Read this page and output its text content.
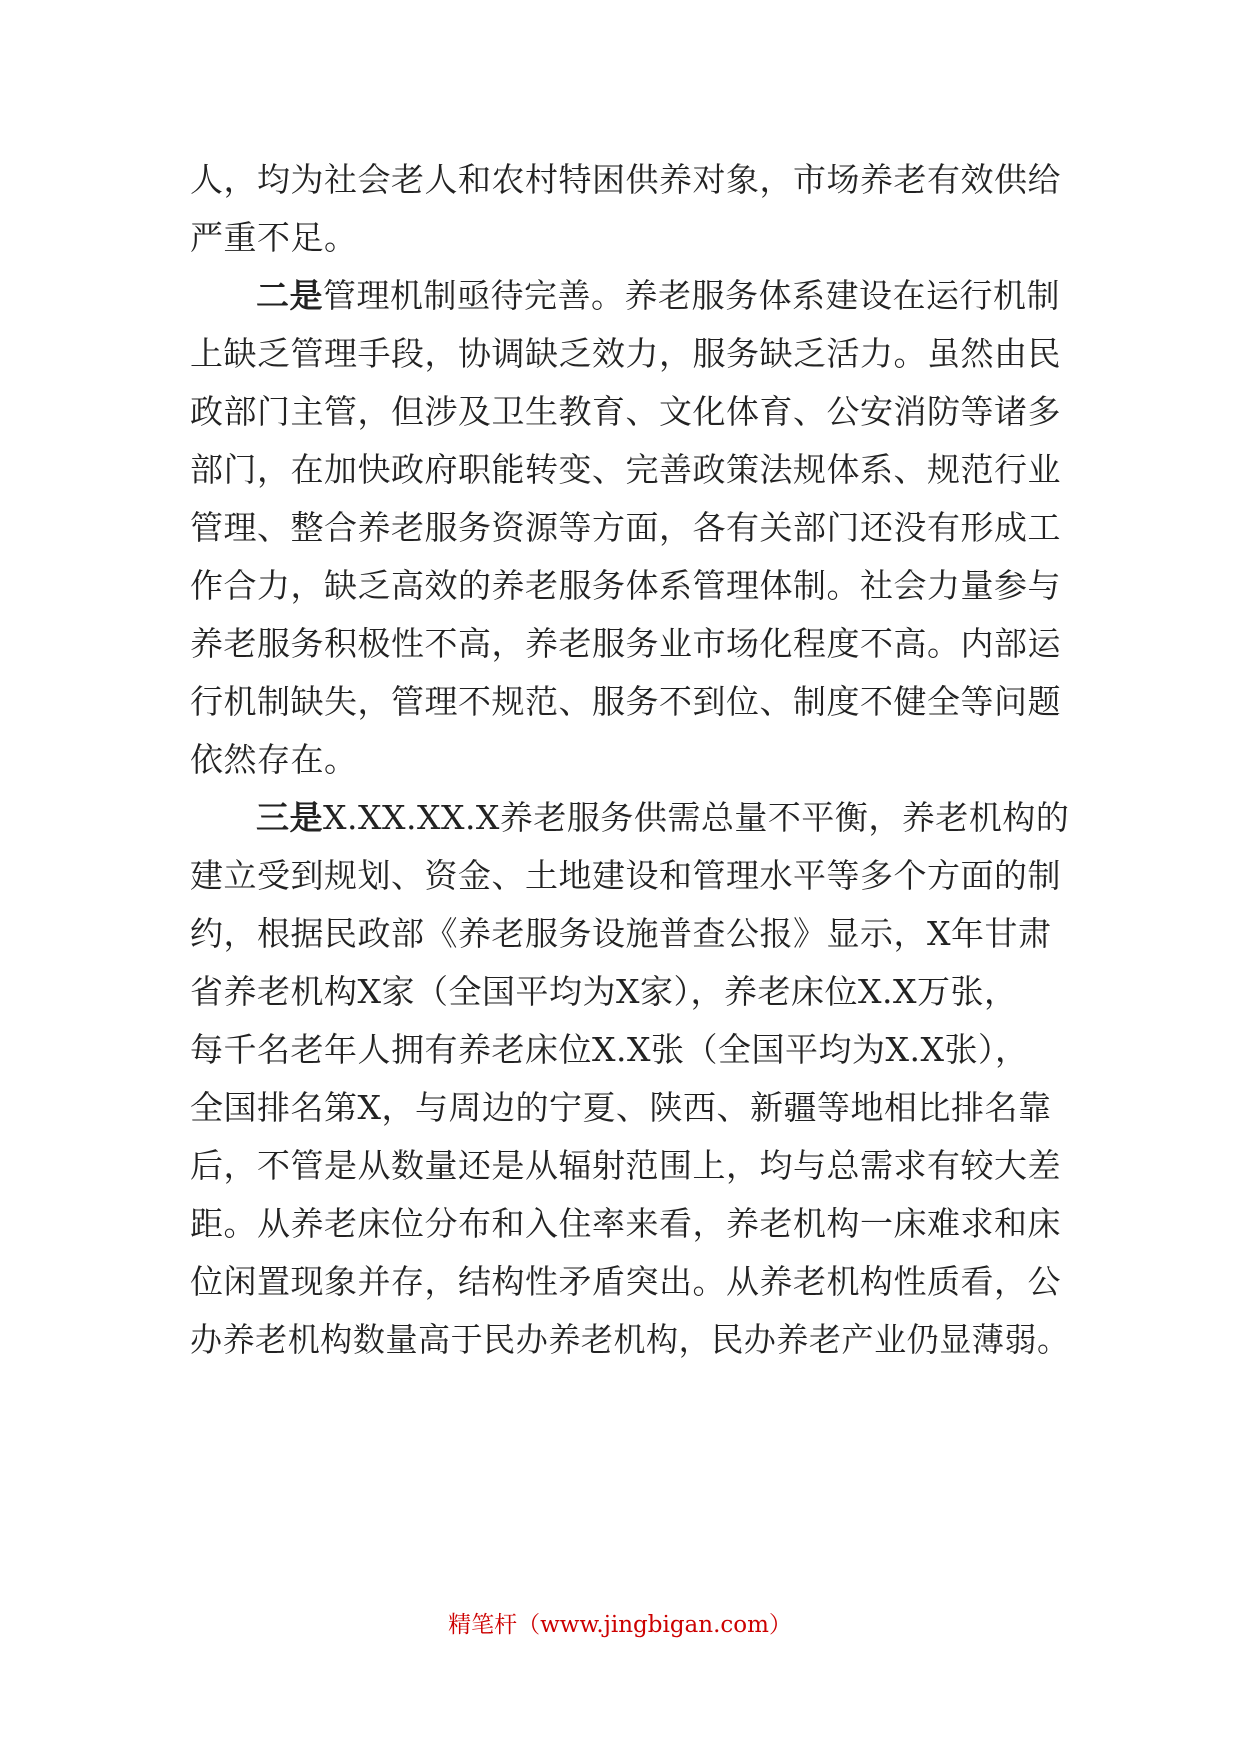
人，均为社会老人和农村特困供养对象，市场养老有效供给
严重不足。
二是管理机制亟待完善。养老服务体系建设在运行机制
上缺乏管理手段，协调缺乏效力，服务缺乏活力。虽然由民
政部门主管，但涉及卫生教育、文化体育、公安消防等诸多
部门，在加快政府职能转变、完善政策法规体系、规范行业
管理、整合养老服务资源等方面，各有关部门还没有形成工
作合力，缺乏高效的养老服务体系管理体制。社会力量参与
养老服务积极性不高，养老服务业市场化程度不高。内部运
行机制缺失，管理不规范、服务不到位、制度不健全等问题
依然存在。
三是X.XX.XX.X养老服务供需总量不平衡，养老机构的
建立受到规划、资金、土地建设和管理水平等多个方面的制
约，根据民政部《养老服务设施普查公报》显示，X年甘肃
省养老机构X家（全国平均为X家），养老床位X.X万张，
每千名老年人拥有养老床位X.X张（全国平均为X.X张），
全国排名第X，与周边的宁夏、陕西、新疆等地相比排名靠
后，不管是从数量还是从辐射范围上，均与总需求有较大差
距。从养老床位分布和入住率来看，养老机构一床难求和床
位闲置现象并存，结构性矛盾突出。从养老机构性质看，公
办养老机构数量高于民办养老机构，民办养老产业仍显薄弱。
精笔杆（www.jingbigan.com）
